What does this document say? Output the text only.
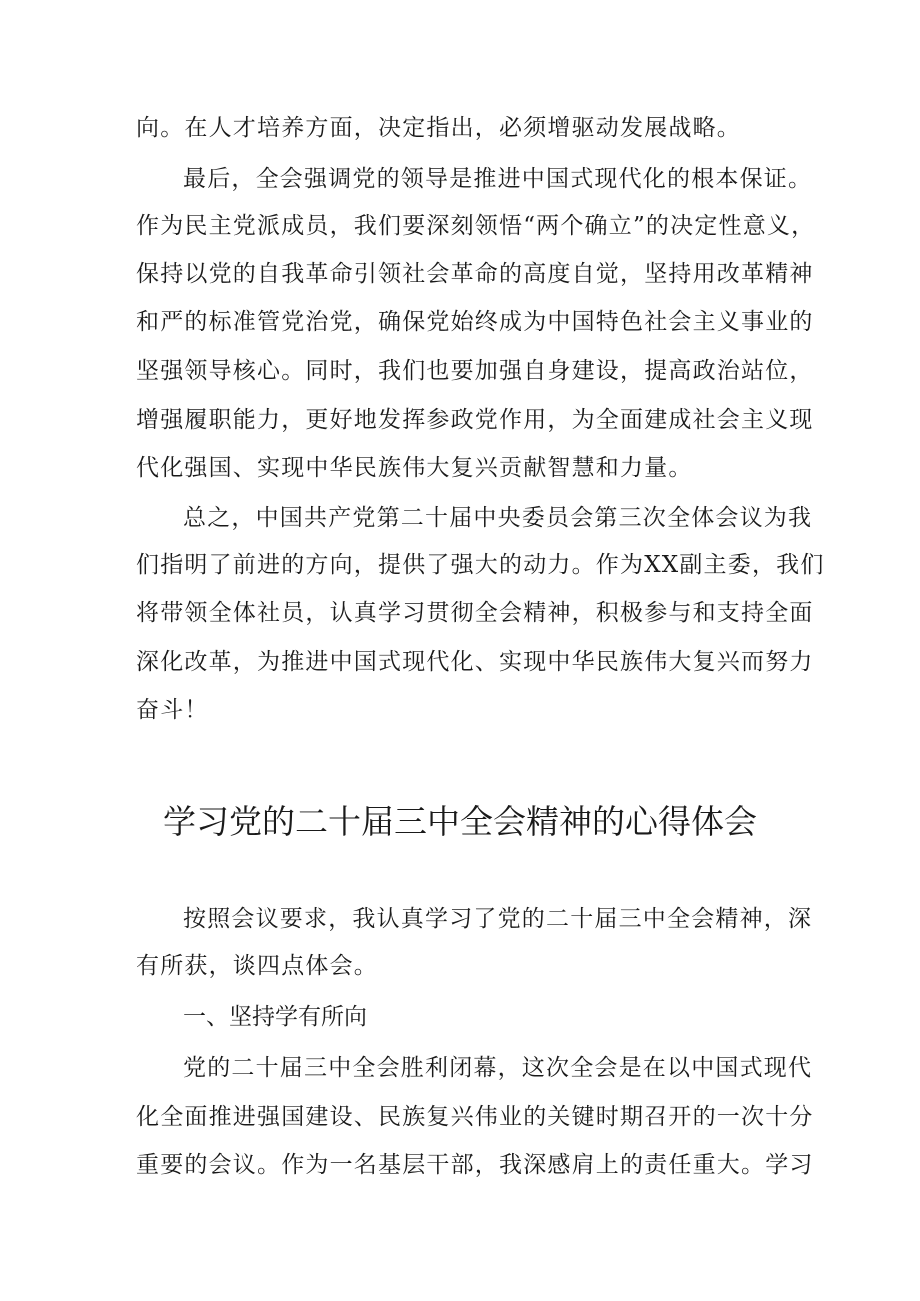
向。在人才培养方面，决定指出，必须增驱动发展战略。
最后，全会强调党的领导是推进中国式现代化的根本保证。
作为民主党派成员，我们要深刻领悟“两个确立”的决定性意义，
保持以党的自我革命引领社会革命的高度自觉，坚持用改革精神
和严的标准管党治党，确保党始终成为中国特色社会主义事业的
坚强领导核心。同时，我们也要加强自身建设，提高政治站位，
增强履职能力，更好地发挥参政党作用，为全面建成社会主义现
代化强国、实现中华民族伟大复兴贡献智慧和力量。
总之，中国共产党第二十届中央委员会第三次全体会议为我
们指明了前进的方向，提供了强大的动力。作为XX副主委，我们
将带领全体社员，认真学习贯彻全会精神，积极参与和支持全面
深化改革，为推进中国式现代化、实现中华民族伟大复兴而努力
奋斗！
学习党的二十届三中全会精神的心得体会
按照会议要求，我认真学习了党的二十届三中全会精神，深
有所获，谈四点体会。
一、坚持学有所向
党的二十届三中全会胜利闭幕，这次全会是在以中国式现代
化全面推进强国建设、民族复兴伟业的关键时期召开的一次十分
重要的会议。作为一名基层干部，我深感肩上的责任重大。学习
